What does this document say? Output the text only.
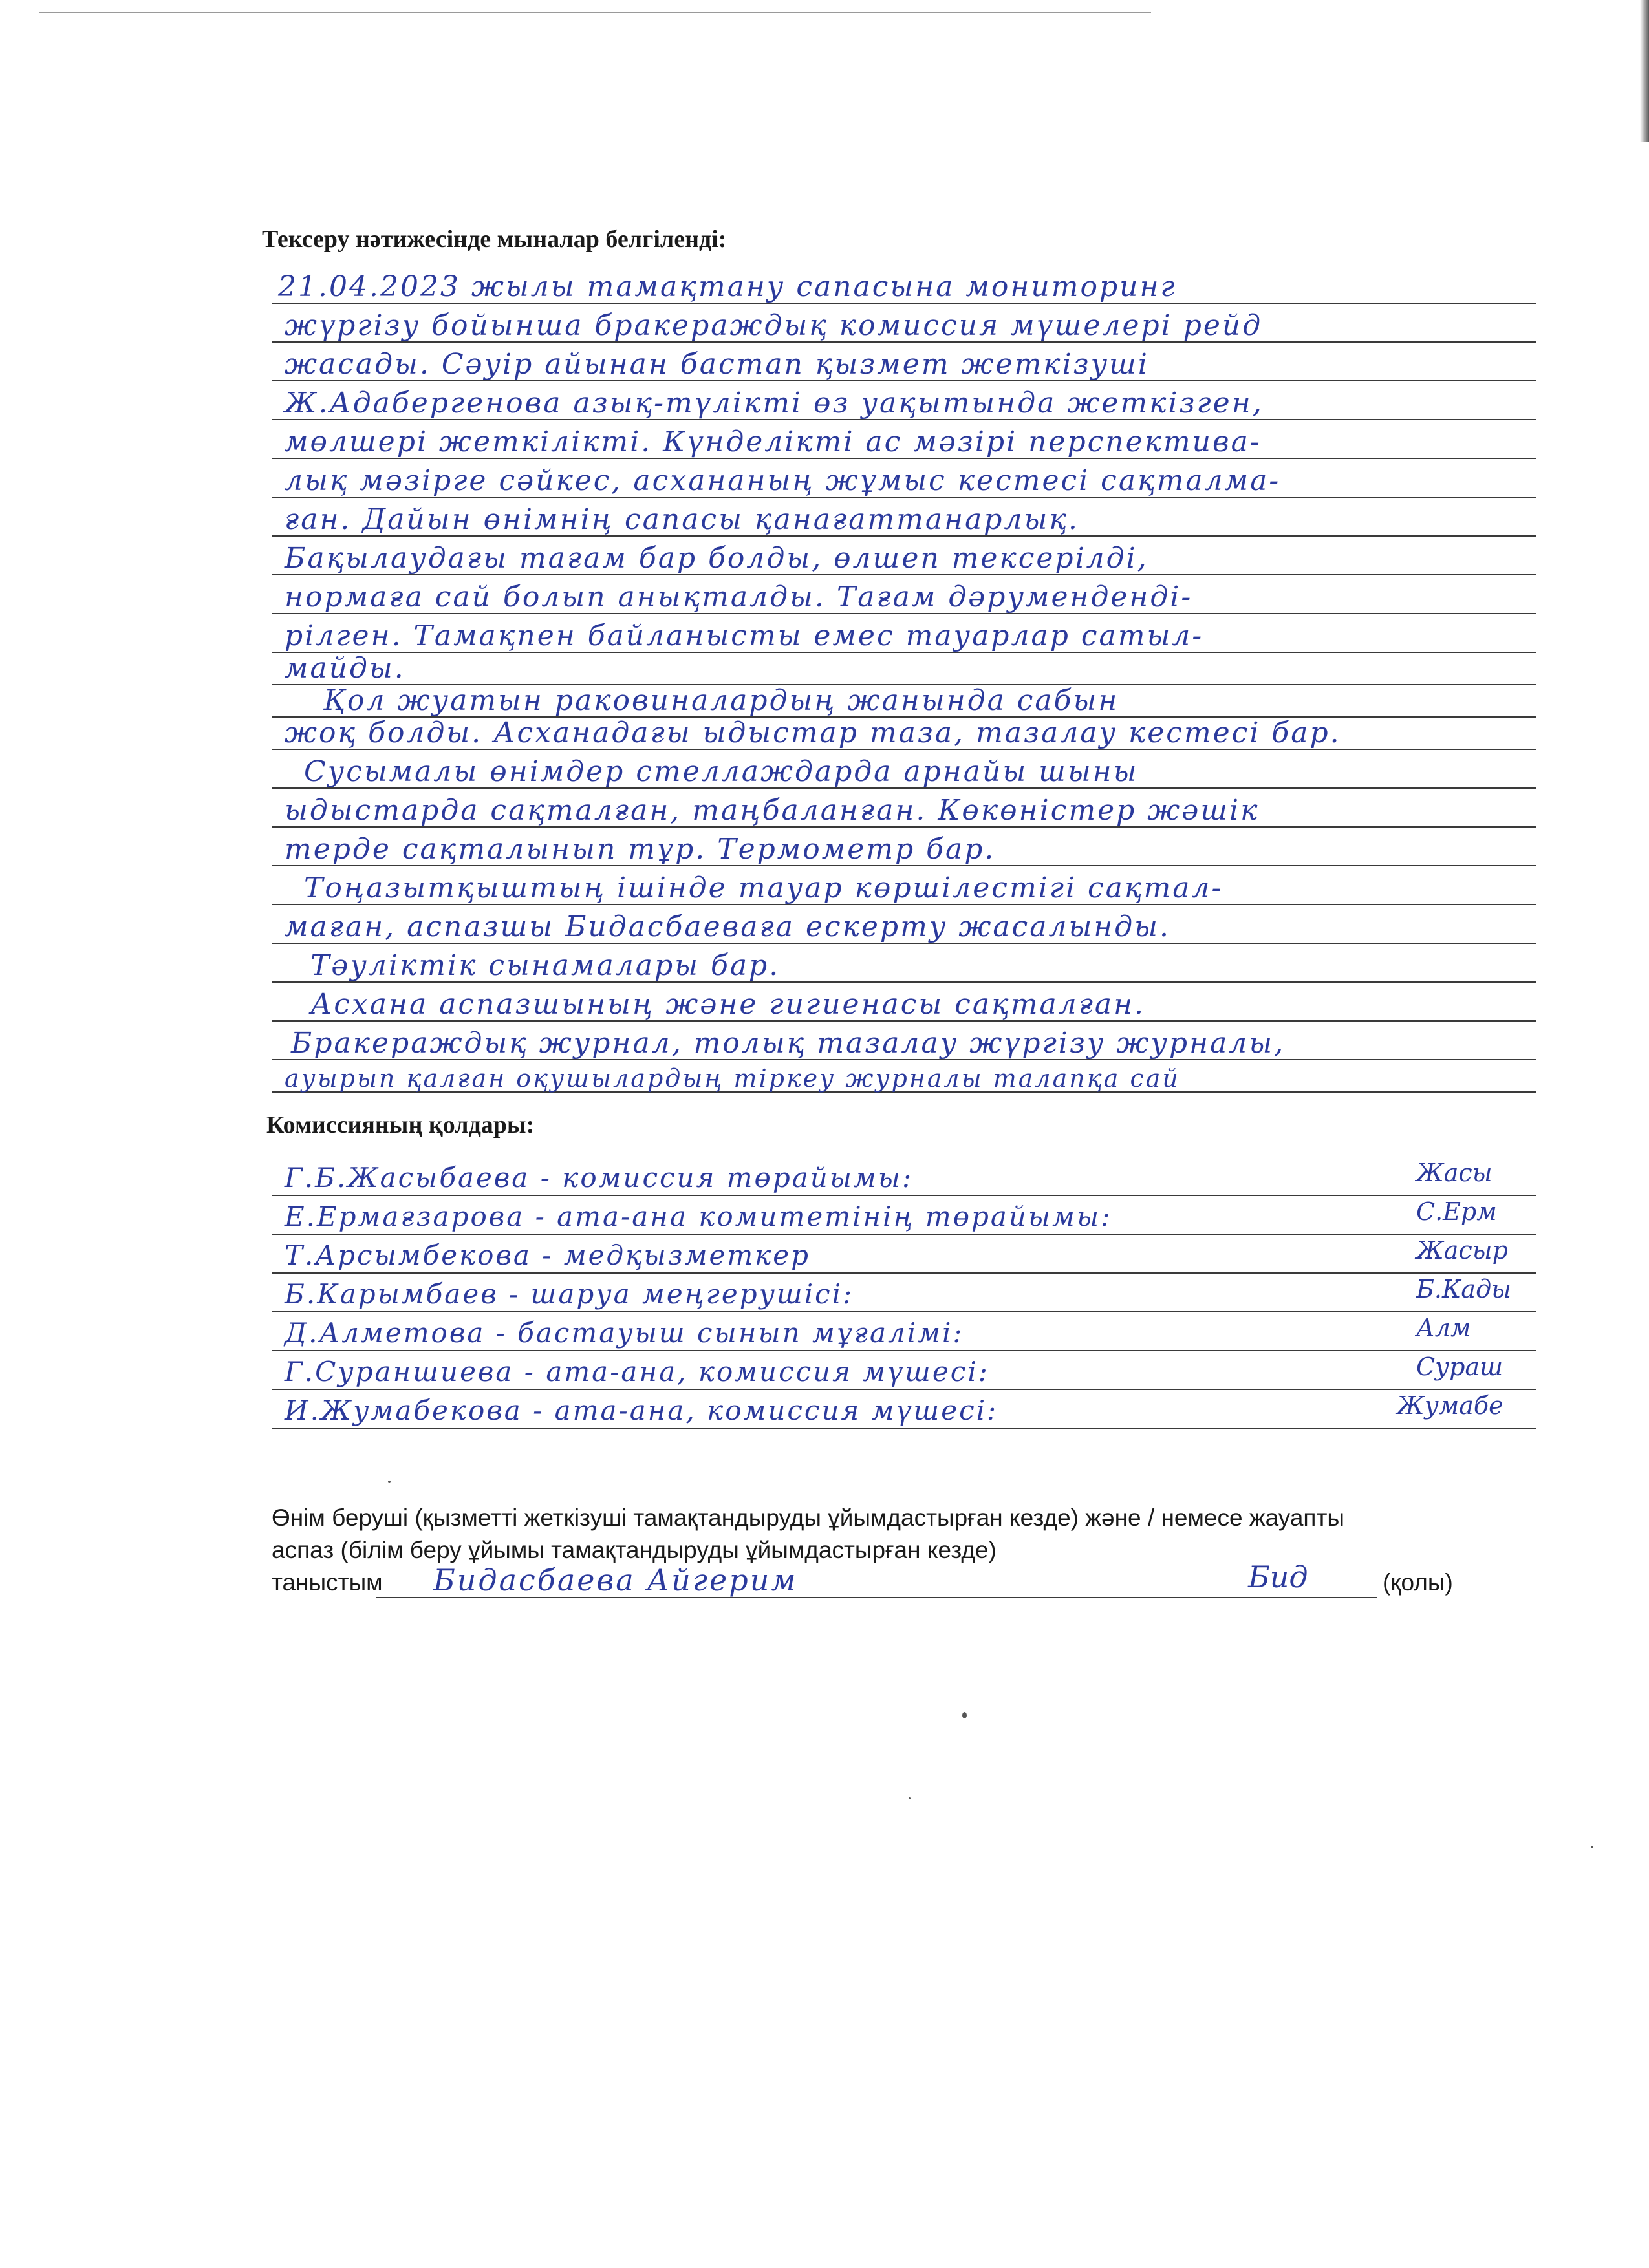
Тексеру нәтижесінде мыналар белгіленді:
21.04.2023 жылы тамақтану сапасына мониторинг
жүргізу бойынша бракераждық комиссия мүшелері рейд
жасады. Сәуір айынан бастап қызмет жеткізуші
Ж.Адабергенова азық-түлікті өз уақытында жеткізген,
мөлшері жеткілікті. Күнделікті ас мәзірі перспектива-
лық мәзірге сәйкес, асхананың жұмыс кестесі сақталма-
ған. Дайын өнімнің сапасы қанағаттанарлық.
Бақылаудағы тағам бар болды, өлшеп тексерілді,
нормаға сай болып анықталды. Тағам дәрумендендi-
рілген. Тамақпен байланысты емес тауарлар сатыл-
майды.
Қол жуатын раковиналардың жанында сабын
жоқ болды. Асханадағы ыдыстар таза, тазалау кестесі бар.
Сусымалы өнімдер стеллаждарда арнайы шыны
ыдыстарда сақталған, таңбаланған. Көкөністер жәшік
терде сақталынып тұр. Термометр бар.
Тоңазытқыштың ішінде тауар көршілестігі сақтал-
маған, аспазшы Бидасбаеваға ескерту жасалынды.
Тәуліктік сынамалары бар.
Асхана аспазшының және гигиенасы сақталған.
Бракераждық журнал, толық тазалау жүргізу журналы,
ауырып қалған оқушылардың тіркеу журналы талапқа сай
Комиссияның қолдары:
Г.Б.Жасыбаева - комиссия төрайымы:	Жасы
Е.Ермағзарова - ата-ана комитетінің төрайымы:	С.Ерм
Т.Арсымбекова - медқызметкер	Жасыр
Б.Карымбаев - шаруа меңгерушісі:	Б.Кады
Д.Алметова - бастауыш сынып мұғалімі:	Алм
Г.Сураншиева - ата-ана, комиссия мүшесі:	Сураш
И.Жумабекова - ата-ана, комиссия мүшесі:	Жумабе
Өнім беруші (қызметті жеткізуші тамақтандыруды ұйымдастырған кезде) және / немесе жауапты
аспаз (білім беру ұйымы тамақтандыруды ұйымдастырған кезде)
таныстым Бидасбаева Айгерим	Бид	(қолы)
